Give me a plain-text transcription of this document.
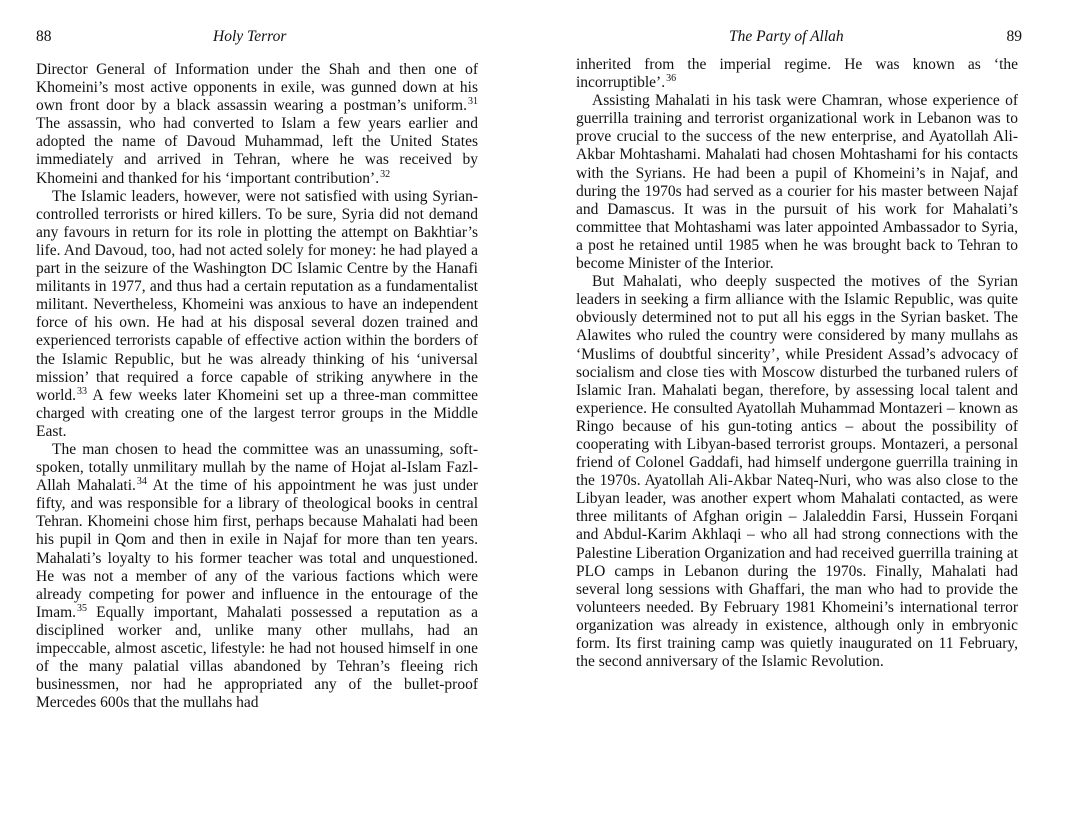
88	Holy Terror

Director General of Information under the Shah and then one of Khomeini’s most active opponents in exile, was gunned down at his own front door by a black assassin wearing a postman’s uniform.$^{31}$ The assassin, who had converted to Islam a few years earlier and adopted the name of Davoud Muhammad, left the United States immediately and arrived in Tehran, where he was received by Khomeini and thanked for his ‘important contribution’.$^{32}$

The Islamic leaders, however, were not satisfied with using Syrian-controlled terrorists or hired killers. To be sure, Syria did not demand any favours in return for its role in plotting the attempt on Bakhtiar’s life. And Davoud, too, had not acted solely for money: he had played a part in the seizure of the Washington DC Islamic Centre by the Hanafi militants in 1977, and thus had a certain reputation as a fundamentalist militant. Nevertheless, Khomeini was anxious to have an independent force of his own. He had at his disposal several dozen trained and experienced terrorists capable of effective action within the borders of the Islamic Republic, but he was already thinking of his ‘universal mission’ that required a force capable of striking anywhere in the world.$^{33}$ A few weeks later Khomeini set up a three-man committee charged with creating one of the largest terror groups in the Middle East.

The man chosen to head the committee was an unassuming, soft-spoken, totally unmilitary mullah by the name of Hojat al-Islam Fazl-Allah Mahalati.$^{34}$ At the time of his appointment he was just under fifty, and was responsible for a library of theological books in central Tehran. Khomeini chose him first, perhaps because Mahalati had been his pupil in Qom and then in exile in Najaf for more than ten years. Mahalati’s loyalty to his former teacher was total and unquestioned. He was not a member of any of the various factions which were already competing for power and influence in the entourage of the Imam.$^{35}$ Equally important, Mahalati possessed a reputation as a disciplined worker and, unlike many other mullahs, had an impeccable, almost ascetic, lifestyle: he had not housed himself in one of the many palatial villas abandoned by Tehran’s fleeing rich businessmen, nor had he appropriated any of the bullet-proof Mercedes 600s that the mullahs had

The Party of Allah	89

inherited from the imperial regime. He was known as ‘the incorruptible’.$^{36}$

Assisting Mahalati in his task were Chamran, whose experience of guerrilla training and terrorist organizational work in Lebanon was to prove crucial to the success of the new enterprise, and Ayatollah Ali-Akbar Mohtashami. Mahalati had chosen Mohtashami for his contacts with the Syrians. He had been a pupil of Khomeini’s in Najaf, and during the 1970s had served as a courier for his master between Najaf and Damascus. It was in the pursuit of his work for Mahalati’s committee that Mohtashami was later appointed Ambassador to Syria, a post he retained until 1985 when he was brought back to Tehran to become Minister of the Interior.

But Mahalati, who deeply suspected the motives of the Syrian leaders in seeking a firm alliance with the Islamic Republic, was quite obviously determined not to put all his eggs in the Syrian basket. The Alawites who ruled the country were considered by many mullahs as ‘Muslims of doubtful sincerity’, while President Assad’s advocacy of socialism and close ties with Moscow disturbed the turbaned rulers of Islamic Iran. Mahalati began, therefore, by assessing local talent and experience. He consulted Ayatollah Muhammad Montazeri – known as Ringo because of his gun-toting antics – about the possibility of cooperating with Libyan-based terrorist groups. Montazeri, a personal friend of Colonel Gaddafi, had himself undergone guerrilla training in the 1970s. Ayatollah Ali-Akbar Nateq-Nuri, who was also close to the Libyan leader, was another expert whom Mahalati contacted, as were three militants of Afghan origin – Jalaleddin Farsi, Hussein Forqani and Abdul-Karim Akhlaqi – who all had strong connections with the Palestine Liberation Organization and had received guerrilla training at PLO camps in Lebanon during the 1970s. Finally, Mahalati had several long sessions with Ghaffari, the man who had to provide the volunteers needed. By February 1981 Khomeini’s international terror organization was already in existence, although only in embryonic form. Its first training camp was quietly inaugurated on 11 February, the second anniversary of the Islamic Revolution.
